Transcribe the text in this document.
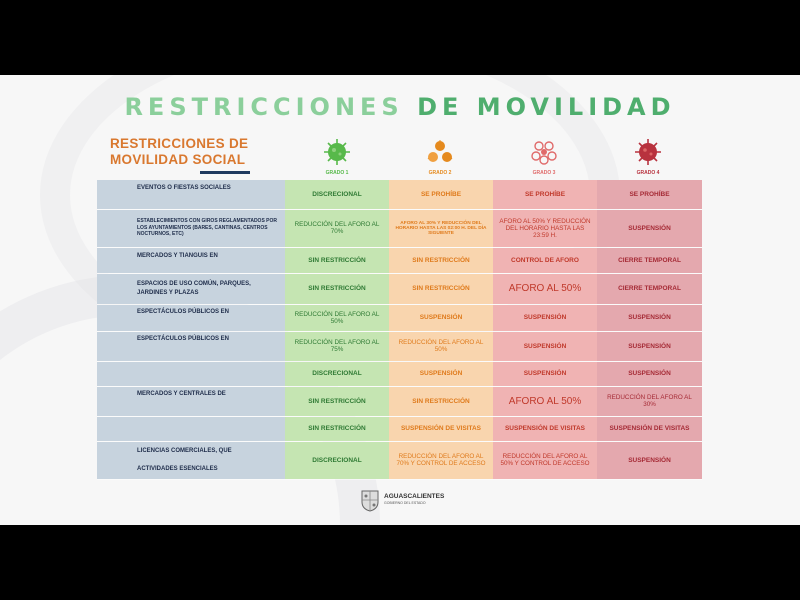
RESTRICCIONES DE MOVILIDAD
RESTRICCIONES DE
MOVILIDAD SOCIAL
GRADO 1	GRADO 2	GRADO 3	GRADO 4
EVENTOS O FIESTAS SOCIALES	DISCRECIONAL	SE PROHÍBE	SE PROHÍBE	SE PROHÍBE
ESTABLECIMIENTOS CON GIROS REGLAMENTADOS POR LOS AYUNTAMIENTOS (BARES, CANTINAS, CENTROS NOCTURNOS, ETC)	REDUCCIÓN DEL AFORO AL 70%	AFORO AL 30% Y REDUCCIÓN DEL HORARIO HASTA LAS 02:00 H. DEL DÍA SIGUIENTE	AFORO AL 50% Y REDUCCIÓN DEL HORARIO HASTA LAS 23:59 H.	SUSPENSIÓN
MERCADOS Y TIANGUIS EN	SIN RESTRICCIÓN	SIN RESTRICCIÓN	CONTROL DE AFORO	CIERRE TEMPORAL
ESPACIOS DE USO COMÚN, PARQUES, JARDINES Y PLAZAS	SIN RESTRICCIÓN	SIN RESTRICCIÓN	AFORO AL 50%	CIERRE TEMPORAL
ESPECTÁCULOS PÚBLICOS EN	REDUCCIÓN DEL AFORO AL 50%	SUSPENSIÓN	SUSPENSIÓN	SUSPENSIÓN
ESPECTÁCULOS PÚBLICOS EN	REDUCCIÓN DEL AFORO AL 75%	REDUCCIÓN DEL AFORO AL 50%	SUSPENSIÓN	SUSPENSIÓN
	DISCRECIONAL	SUSPENSIÓN	SUSPENSIÓN	SUSPENSIÓN
MERCADOS Y CENTRALES DE	SIN RESTRICCIÓN	SIN RESTRICCIÓN	AFORO AL 50%	REDUCCIÓN DEL AFORO AL 30%
	SIN RESTRICCIÓN	SUSPENSIÓN DE VISITAS	SUSPENSIÓN DE VISITAS	SUSPENSIÓN DE VISITAS

LICENCIAS COMERCIALES, QUE
ACTIVIDADES ESENCIALES	DISCRECIONAL	REDUCCIÓN DEL AFORO AL 70% Y CONTROL DE ACCESO	REDUCCIÓN DEL AFORO AL 50% Y CONTROL DE ACCESO	SUSPENSIÓN
AGUASCALIENTES
GOBIERNO DEL ESTADO
